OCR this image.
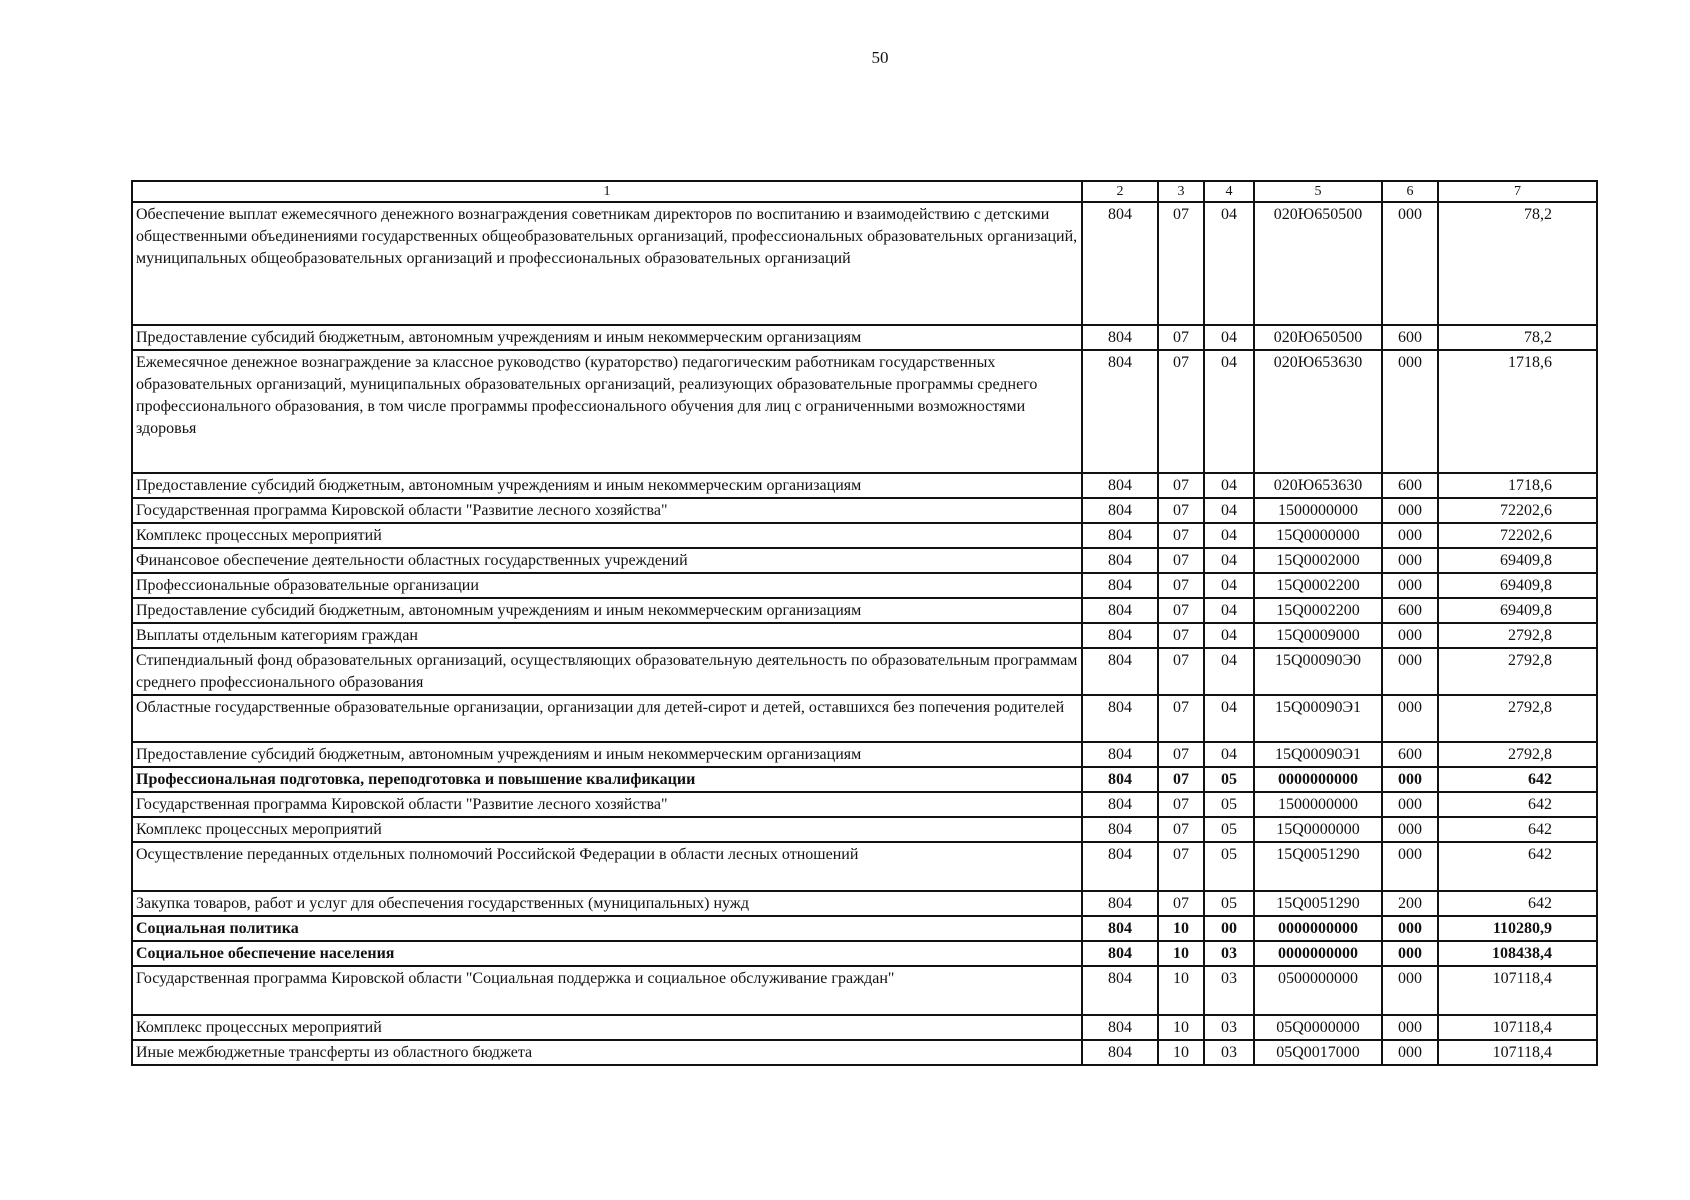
50
1	2	3	4	5	6	7
Обеспечение выплат ежемесячного денежного вознаграждения советникам директоров по воспитанию и взаимодействию с детскими общественными объединениями государственных общеобразовательных организаций, профессиональных образовательных организаций, муниципальных общеобразовательных организаций и профессиональных образовательных организаций	804	07	04	020Ю650500	000	78,2
Предоставление субсидий бюджетным, автономным учреждениям и иным некоммерческим организациям	804	07	04	020Ю650500	600	78,2
Ежемесячное денежное вознаграждение за классное руководство (кураторство) педагогическим работникам государственных образовательных организаций, муниципальных образовательных организаций, реализующих образовательные программы среднего профессионального образования, в том числе программы профессионального обучения для лиц с ограниченными возможностями здоровья	804	07	04	020Ю653630	000	1718,6
Предоставление субсидий бюджетным, автономным учреждениям и иным некоммерческим организациям	804	07	04	020Ю653630	600	1718,6
Государственная программа Кировской области "Развитие лесного хозяйства"	804	07	04	1500000000	000	72202,6
Комплекс процессных мероприятий	804	07	04	15Q0000000	000	72202,6
Финансовое обеспечение деятельности областных государственных учреждений	804	07	04	15Q0002000	000	69409,8
Профессиональные образовательные организации	804	07	04	15Q0002200	000	69409,8
Предоставление субсидий бюджетным, автономным учреждениям и иным некоммерческим организациям	804	07	04	15Q0002200	600	69409,8
Выплаты отдельным категориям граждан	804	07	04	15Q0009000	000	2792,8
Стипендиальный фонд образовательных организаций, осуществляющих образовательную деятельность по образовательным программам среднего профессионального образования	804	07	04	15Q00090Э0	000	2792,8
Областные государственные образовательные организации, организации для детей-сирот и детей, оставшихся без попечения родителей	804	07	04	15Q00090Э1	000	2792,8
Предоставление субсидий бюджетным, автономным учреждениям и иным некоммерческим организациям	804	07	04	15Q00090Э1	600	2792,8
Профессиональная подготовка, переподготовка и повышение квалификации	804	07	05	0000000000	000	642
Государственная программа Кировской области "Развитие лесного хозяйства"	804	07	05	1500000000	000	642
Комплекс процессных мероприятий	804	07	05	15Q0000000	000	642
Осуществление переданных отдельных полномочий Российской Федерации в области лесных отношений	804	07	05	15Q0051290	000	642
Закупка товаров, работ и услуг для обеспечения государственных (муниципальных) нужд	804	07	05	15Q0051290	200	642
Социальная политика	804	10	00	0000000000	000	110280,9
Социальное обеспечение населения	804	10	03	0000000000	000	108438,4
Государственная программа Кировской области "Социальная поддержка и социальное обслуживание граждан"	804	10	03	0500000000	000	107118,4
Комплекс процессных мероприятий	804	10	03	05Q0000000	000	107118,4
Иные межбюджетные трансферты из областного бюджета	804	10	03	05Q0017000	000	107118,4
